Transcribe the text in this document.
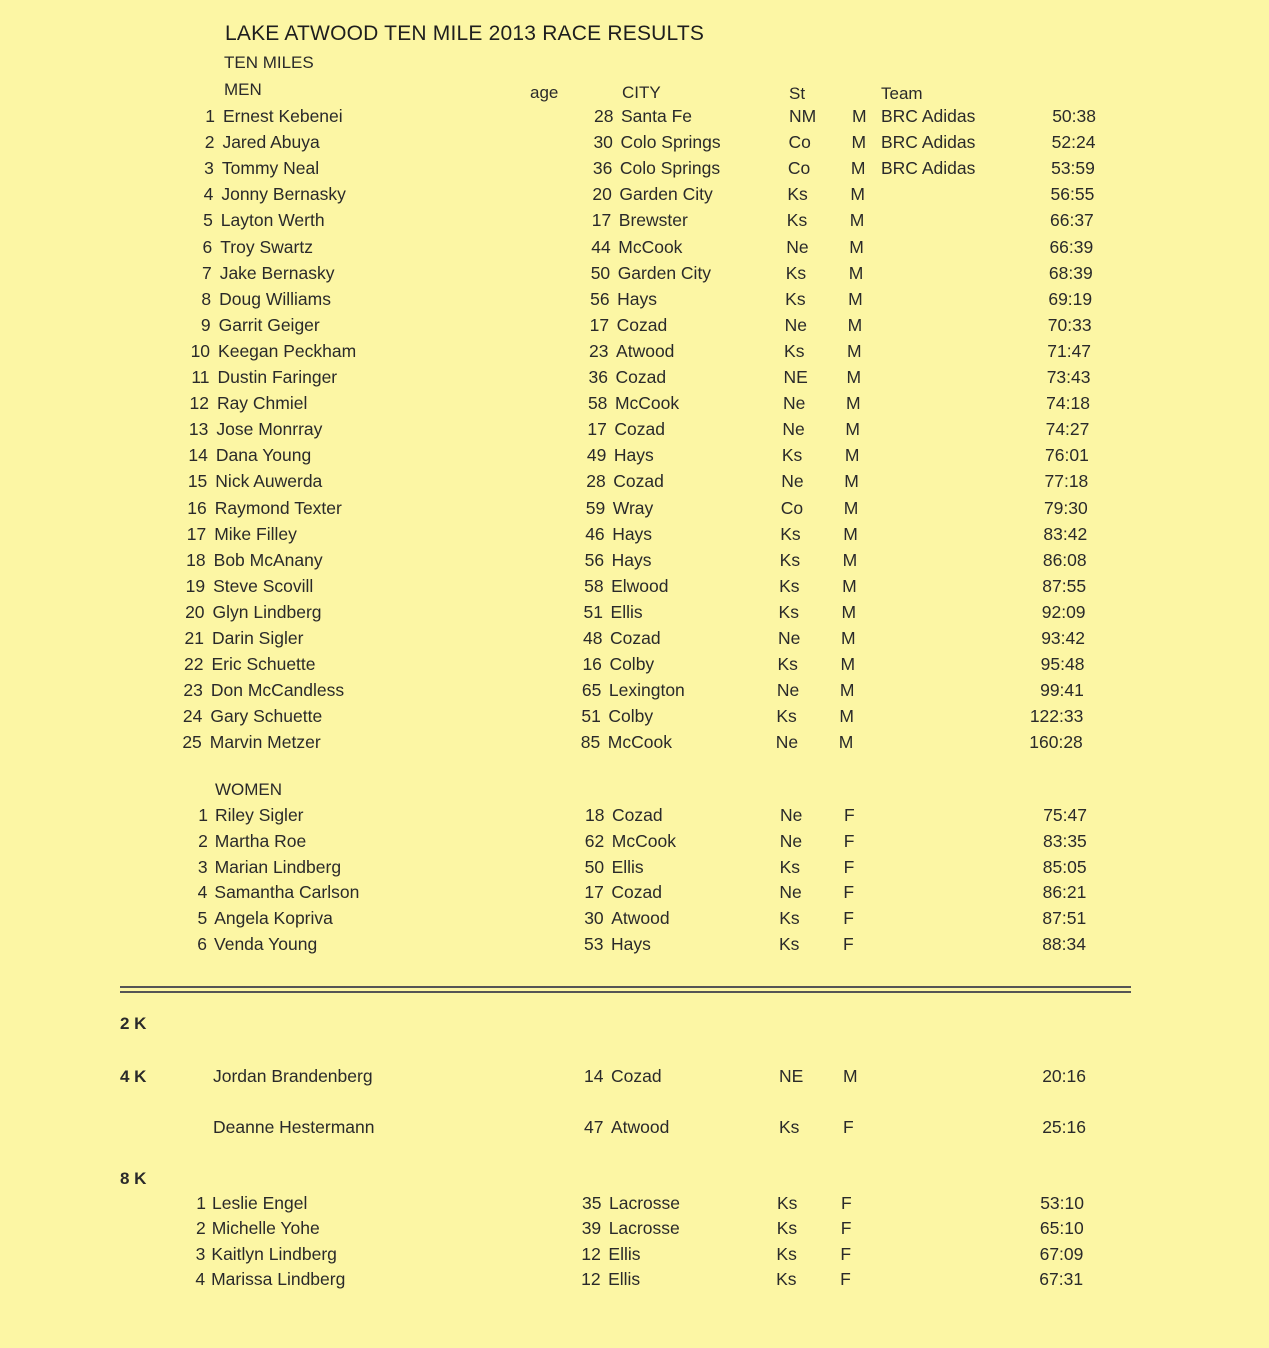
LAKE ATWOOD TEN MILE 2013 RACE RESULTS
TEN MILES
MEN	age	CITY	St	Team
1 Ernest Kebenei	28 Santa Fe	NM M BRC Adidas	50:38
2 Jared Abuya	30 Colo Springs	Co M BRC Adidas	52:24
3 Tommy Neal	36 Colo Springs	Co M BRC Adidas	53:59
4 Jonny Bernasky	20 Garden City	Ks M	56:55
5 Layton Werth	17 Brewster	Ks M	66:37
6 Troy Swartz	44 McCook	Ne M	66:39
7 Jake Bernasky	50 Garden City	Ks M	68:39
8 Doug Williams	56 Hays	Ks M	69:19
9 Garrit Geiger	17 Cozad	Ne M	70:33
10 Keegan Peckham	23 Atwood	Ks M	71:47
11 Dustin Faringer	36 Cozad	NE M	73:43
12 Ray Chmiel	58 McCook	Ne M	74:18
13 Jose Monrray	17 Cozad	Ne M	74:27
14 Dana Young	49 Hays	Ks M	76:01
15 Nick Auwerda	28 Cozad	Ne M	77:18
16 Raymond Texter	59 Wray	Co M	79:30
17 Mike Filley	46 Hays	Ks M	83:42
18 Bob McAnany	56 Hays	Ks M	86:08
19 Steve Scovill	58 Elwood	Ks M	87:55
20 Glyn Lindberg	51 Ellis	Ks M	92:09
21 Darin Sigler	48 Cozad	Ne M	93:42
22 Eric Schuette	16 Colby	Ks M	95:48
23 Don McCandless	65 Lexington	Ne M	99:41
24 Gary Schuette	51 Colby	Ks M	122:33
25 Marvin Metzer	85 McCook	Ne M	160:28
WOMEN
1 Riley Sigler	18 Cozad	Ne F	75:47
2 Martha Roe	62 McCook	Ne F	83:35
3 Marian Lindberg	50 Ellis	Ks F	85:05
4 Samantha Carlson	17 Cozad	Ne F	86:21
5 Angela Kopriva	30 Atwood	Ks F	87:51
6 Venda Young	53 Hays	Ks F	88:34
2 K
4 K	Jordan Brandenberg	14 Cozad	NE M	20:16
Deanne Hestermann	47 Atwood	Ks F	25:16
8 K
1 Leslie Engel	35 Lacrosse	Ks F	53:10
2 Michelle Yohe	39 Lacrosse	Ks F	65:10
3 Kaitlyn Lindberg	12 Ellis	Ks F	67:09
4 Marissa Lindberg	12 Ellis	Ks F	67:31
